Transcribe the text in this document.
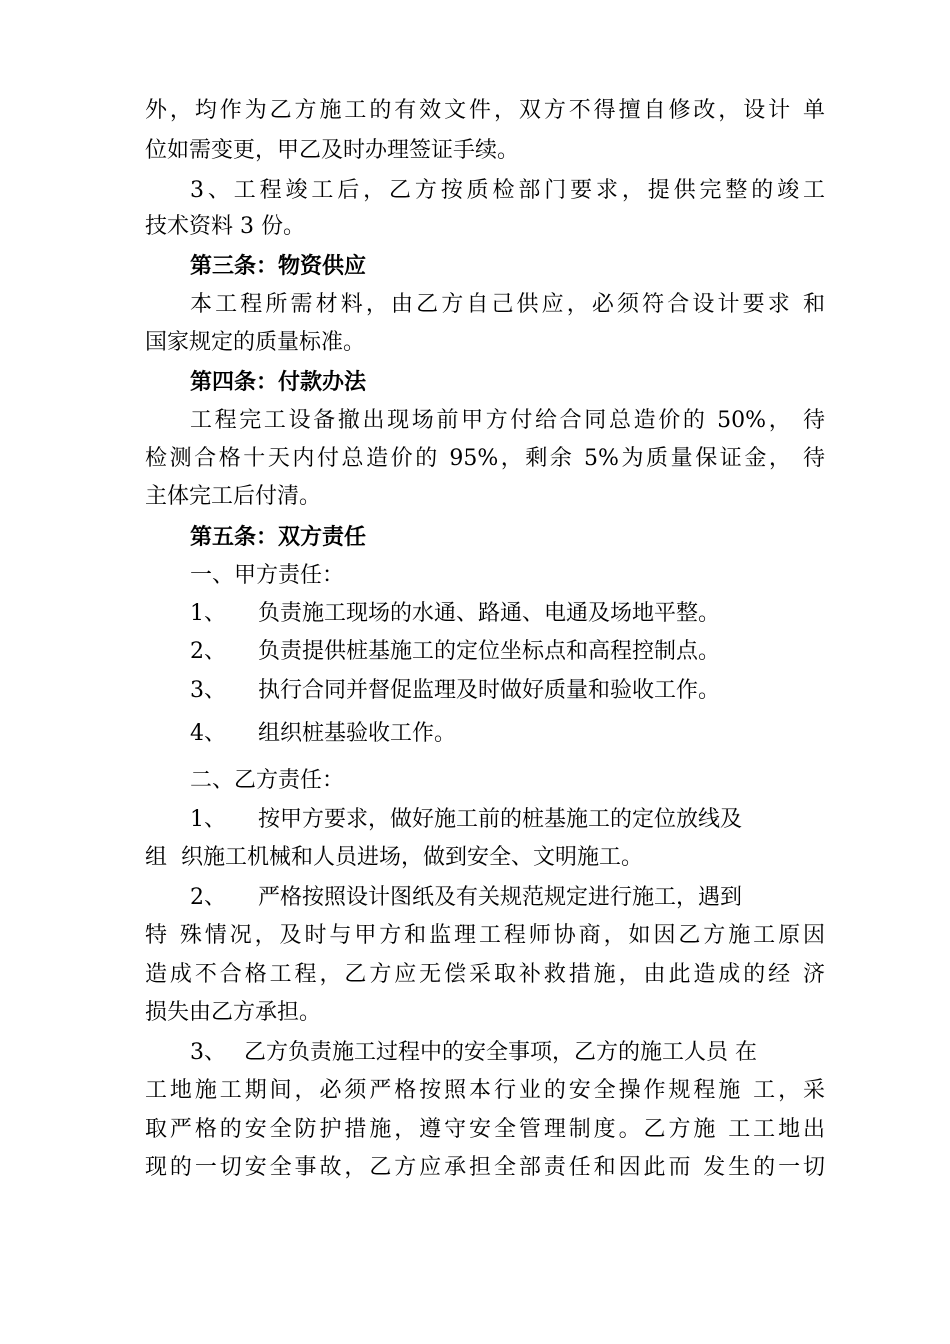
外，均作为乙方施工的有效文件，双方不得擅自修改，设计 单
位如需变更，甲乙及时办理签证手续。
3、工程竣工后，乙方按质检部门要求，提供完整的竣工
技术资料 3 份。
第三条：物资供应
本工程所需材料，由乙方自己供应，必须符合设计要求 和
国家规定的质量标准。
第四条：付款办法
工程完工设备撤出现场前甲方付给合同总造价的 50%， 待
检测合格十天内付总造价的 95%，剩余 5%为质量保证金， 待
主体完工后付清。
第五条：双方责任
一、甲方责任：
1、 负责施工现场的水通、路通、电通及场地平整。
2、 负责提供桩基施工的定位坐标点和高程控制点。
3、 执行合同并督促监理及时做好质量和验收工作。
4、 组织桩基验收工作。
二、乙方责任：
1、 按甲方要求，做好施工前的桩基施工的定位放线及
组 织施工机械和人员进场，做到安全、文明施工。
2、 严格按照设计图纸及有关规范规定进行施工，遇到
特 殊情况，及时与甲方和监理工程师协商，如因乙方施工原因
造成不合格工程，乙方应无偿采取补救措施，由此造成的经 济
损失由乙方承担。
3、 乙方负责施工过程中的安全事项，乙方的施工人员 在
工地施工期间，必须严格按照本行业的安全操作规程施 工，采
取严格的安全防护措施，遵守安全管理制度。乙方施 工工地出
现的一切安全事故，乙方应承担全部责任和因此而 发生的一切
